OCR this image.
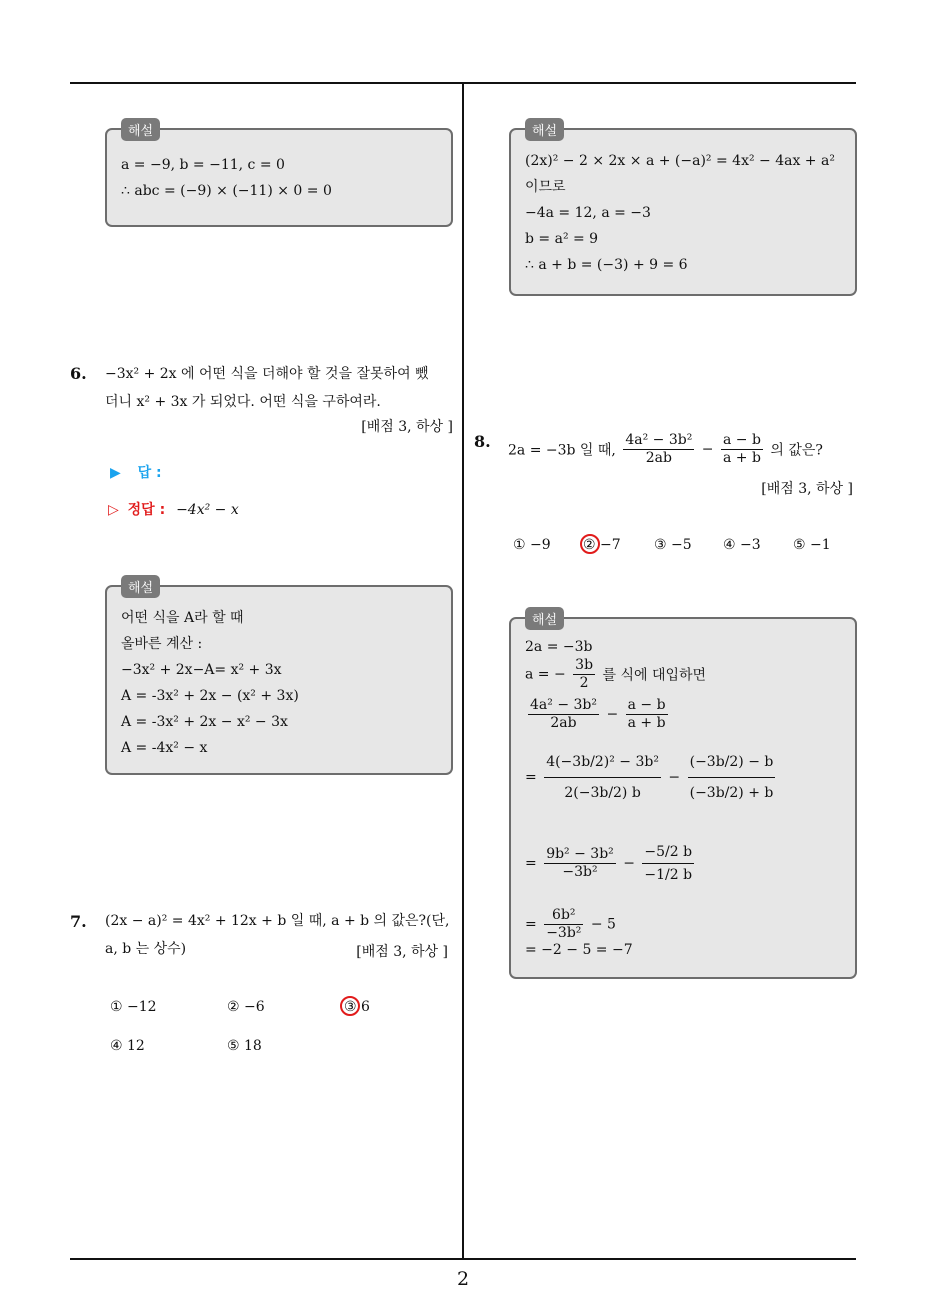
2
해설
a = −9, b = −11, c = 0
∴ abc = (−9) × (−11) × 0 = 0
6. −3x² + 2x 에 어떤 식을 더해야 할 것을 잘못하여 뺐
더니 x² + 3x 가 되었다. 어떤 식을 구하여라.
[배점 3, 하상 ]
▶ 답 :
▷ 정답 : −4x² − x
해설
어떤 식을 A라 할 때
올바른 계산 :
−3x² + 2x−A= x² + 3x
A = -3x² + 2x − (x² + 3x)
A = -3x² + 2x − x² − 3x
A = -4x² − x
7. (2x − a)² = 4x² + 12x + b 일 때, a + b 의 값은?(단,
a, b 는 상수)	[배점 3, 하상 ]
① −12	② −6	③ 6
④ 12	⑤ 18
해설
(2x)² − 2 × 2x × a + (−a)² = 4x² − 4ax + a²
이므로
−4a = 12, a = −3
b = a² = 9
∴ a + b = (−3) + 9 = 6
8. 2a = −3b 일 때, $\frac{\text{4a² − 3b²}}{2ab} - \frac{a - b}{a + b}$ 의 값은?
[배점 3, 하상 ]
① −9 ② −7 ③ −5 ④ −3 ⑤ −1
해설
2a = −3b
a = − $\frac{3b}{2}$ 를 식에 대입하면
$\frac{\text{4a² − 3b²}}{2ab} - \frac{a - b}{a + b}$
= $\frac{\text{4(−3b/2)² − 3b²}}{2(-3b/2) b} - \frac{(-3b/2) - b}{(-3b/2) + b}$
= $\frac{\text{9b² − 3b²}}{\text{−3b²}} - \frac{-5/2 b}{-1/2 b}$
= $\frac{\text{6b²}}{\text{−3b²}} - 5$
= −2 − 5 = −7
